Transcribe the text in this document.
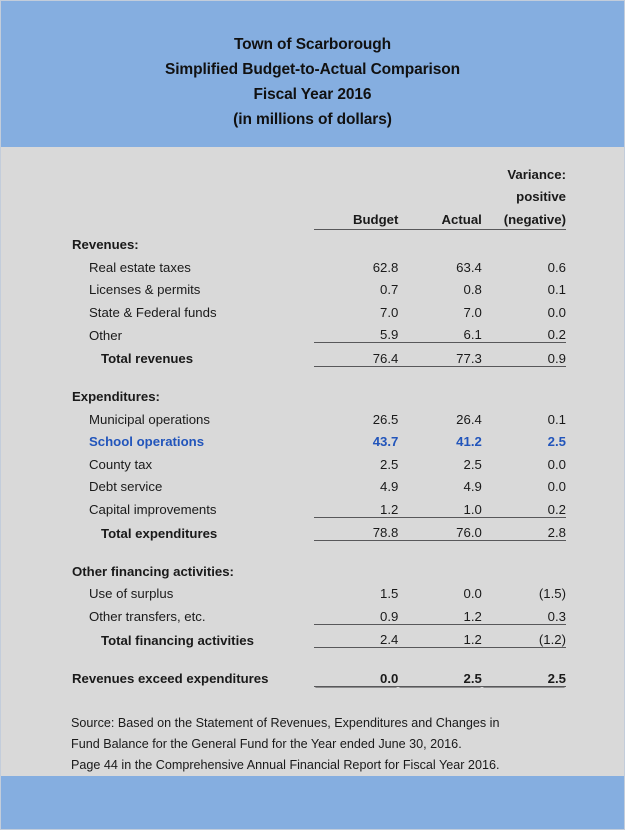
Town of Scarborough
Simplified Budget-to-Actual Comparison
Fiscal Year 2016
(in millions of dollars)
			Variance:
			positive
	Budget	Actual	(negative)
Revenues:			
Real estate taxes	62.8	63.4	0.6
Licenses & permits	0.7	0.8	0.1
State & Federal funds	7.0	7.0	0.0
Other	5.9	6.1	0.2
Total revenues	76.4	77.3	0.9

Expenditures:			
Municipal operations	26.5	26.4	0.1
School operations	43.7	41.2	2.5
County tax	2.5	2.5	0.0
Debt service	4.9	4.9	0.0
Capital improvements	1.2	1.0	0.2
Total expenditures	78.8	76.0	2.8

Other financing activities:			
Use of surplus	1.5	0.0	(1.5)
Other transfers, etc.	0.9	1.2	0.3
Total financing activities	2.4	1.2	(1.2)

Revenues exceed expenditures	0.0	2.5	2.5
Source: Based on the Statement of Revenues, Expenditures and Changes in
Fund Balance for the General Fund for the Year ended June 30, 2016.
Page 44 in the Comprehensive Annual Financial Report for Fiscal Year 2016.
